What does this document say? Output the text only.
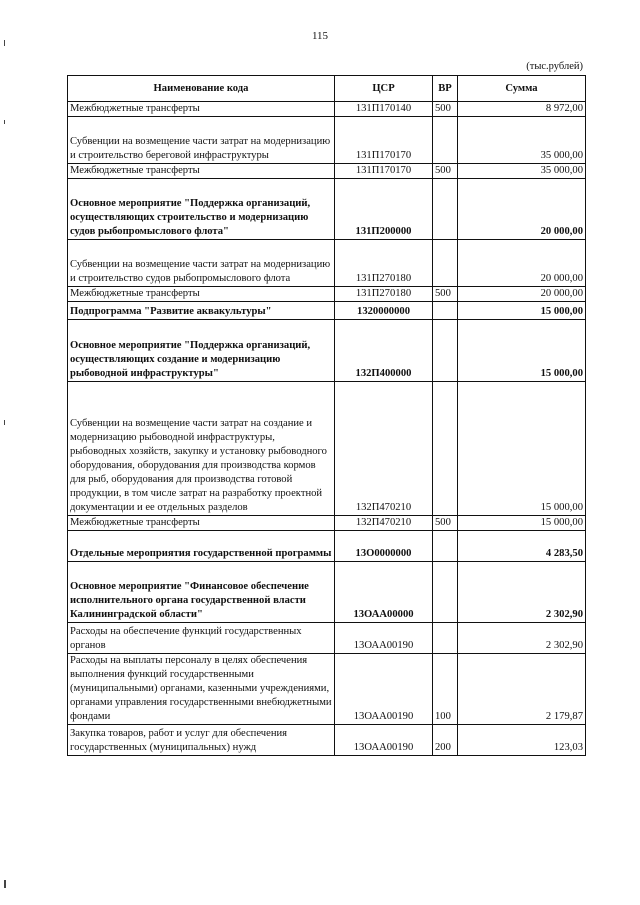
115
(тыс.рублей)
Наименование кода	ЦСР	ВР	Сумма
Межбюджетные трансферты	131П170140	500	8 972,00
Субвенции на возмещение части затрат на модернизацию и строительство береговой инфраструктуры	131П170170		35 000,00
Межбюджетные трансферты	131П170170	500	35 000,00
Основное мероприятие "Поддержка организаций, осуществляющих строительство и модернизацию судов рыбопромыслового флота"	131П200000		20 000,00
Субвенции на возмещение части затрат на модернизацию и строительство судов рыбопромыслового флота	131П270180		20 000,00
Межбюджетные трансферты	131П270180	500	20 000,00
Подпрограмма "Развитие аквакультуры"	1320000000		15 000,00
Основное мероприятие "Поддержка организаций, осуществляющих создание и модернизацию рыбоводной инфраструктуры"	132П400000		15 000,00
Субвенции на возмещение части затрат на создание и модернизацию рыбоводной инфраструктуры, рыбоводных хозяйств, закупку и установку рыбоводного оборудования, оборудования для производства кормов для рыб, оборудования для производства готовой продукции, в том числе затрат на разработку проектной документации и ее отдельных разделов	132П470210		15 000,00
Межбюджетные трансферты	132П470210	500	15 000,00
Отдельные мероприятия государственной программы	13О0000000		4 283,50
Основное мероприятие "Финансовое обеспечение исполнительного органа государственной власти Калининградской области"	13ОАА00000		2 302,90
Расходы на обеспечение функций государственных органов	13ОАА00190		2 302,90
Расходы на выплаты персоналу в целях обеспечения выполнения функций государственными (муниципальными) органами, казенными учреждениями, органами управления государственными внебюджетными фондами	13ОАА00190	100	2 179,87
Закупка товаров, работ и услуг для обеспечения государственных (муниципальных) нужд	13ОАА00190	200	123,03
